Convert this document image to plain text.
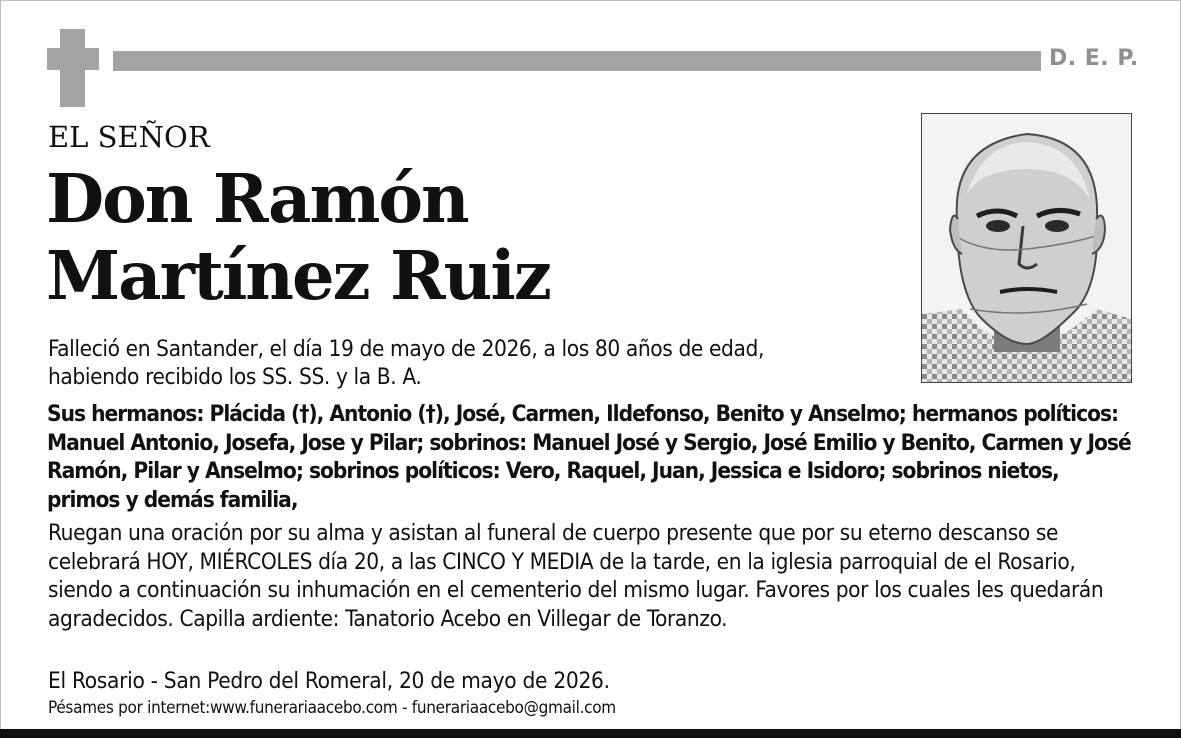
D. E. P.
EL SEÑOR
Don Ramón
Martínez Ruiz
Falleció en Santander, el día 19 de mayo de 2026, a los 80 años de edad,
habiendo recibido los SS. SS. y la B. A.
Sus hermanos: Plácida (†), Antonio (†), José, Carmen, Ildefonso, Benito y Anselmo; hermanos políticos: Manuel Antonio, Josefa, Jose y Pilar; sobrinos: Manuel José y Sergio, José Emilio y Benito, Carmen y José Ramón, Pilar y Anselmo; sobrinos políticos: Vero, Raquel, Juan, Jessica e Isidoro; sobrinos nietos, primos y demás familia,
Ruegan una oración por su alma y asistan al funeral de cuerpo presente que por su eterno descanso se celebrará HOY, MIÉRCOLES día 20, a las CINCO Y MEDIA de la tarde, en la iglesia parroquial de el Rosario, siendo a continuación su inhumación en el cementerio del mismo lugar. Favores por los cuales les quedarán agradecidos. Capilla ardiente: Tanatorio Acebo en Villegar de Toranzo.
El Rosario - San Pedro del Romeral, 20 de mayo de 2026.
Pésames por internet:www.funerariaacebo.com - funerariaacebo@gmail.com
